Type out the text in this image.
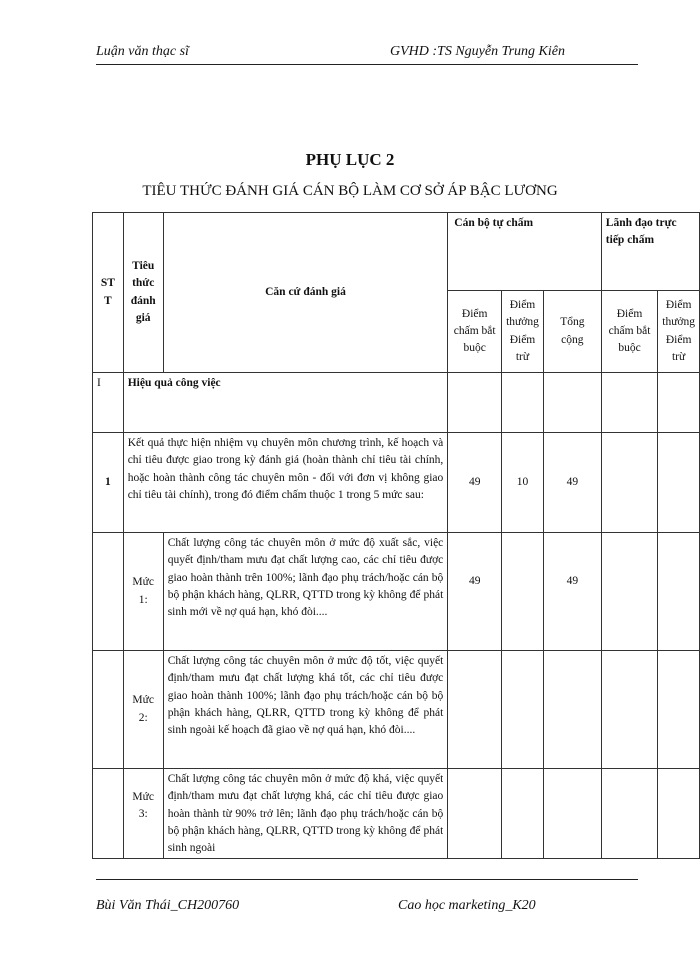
Luận văn thạc sĩ	GVHD :TS Nguyễn Trung Kiên
PHỤ LỤC 2
TIÊU THỨC ĐÁNH GIÁ CÁN BỘ LÀM CƠ SỞ ÁP BẬC LƯƠNG
ST T	Tiêu thức đánh giá	Căn cứ đánh giá	Cán bộ tự chấm			Lãnh đạo trực tiếp chấm	
			Điểm chấm bắt buộc	Điểm thưởng Điểm trừ	Tổng cộng	Điểm chấm bắt buộc	Điểm thưởng Điểm trừ
I	Hiệu quả công việc						
1	Kết quả thực hiện nhiệm vụ chuyên môn chương trình, kế hoạch và chỉ tiêu được giao trong kỳ đánh giá (hoàn thành chỉ tiêu tài chính, hoặc hoàn thành công tác chuyên môn - đối với đơn vị không giao chỉ tiêu tài chính), trong đó điểm chấm thuộc 1 trong 5 mức sau:		49	10	49		
	Mức 1:	Chất lượng công tác chuyên môn ở mức độ xuất sắc, việc quyết định/tham mưu đạt chất lượng cao, các chỉ tiêu được giao hoàn thành trên 100%; lãnh đạo phụ trách/hoặc cán bộ bộ phận khách hàng, QLRR, QTTD trong kỳ không để phát sinh mới về nợ quá hạn, khó đòi....	49		49		
	Mức 2:	Chất lượng công tác chuyên môn ở mức độ tốt, việc quyết định/tham mưu đạt chất lượng khá tốt, các chỉ tiêu được giao hoàn thành 100%; lãnh đạo phụ trách/hoặc cán bộ bộ phận khách hàng, QLRR, QTTD trong kỳ không để phát sinh ngoài kế hoạch đã giao về nợ quá hạn, khó đòi....					
	Mức 3:	Chất lượng công tác chuyên môn ở mức độ khá, việc quyết định/tham mưu đạt chất lượng khá, các chỉ tiêu được giao hoàn thành từ 90% trở lên; lãnh đạo phụ trách/hoặc cán bộ bộ phận khách hàng, QLRR, QTTD trong kỳ không để phát sinh ngoài					

Bùi Văn Thái_CH200760	Cao học marketing_K20
